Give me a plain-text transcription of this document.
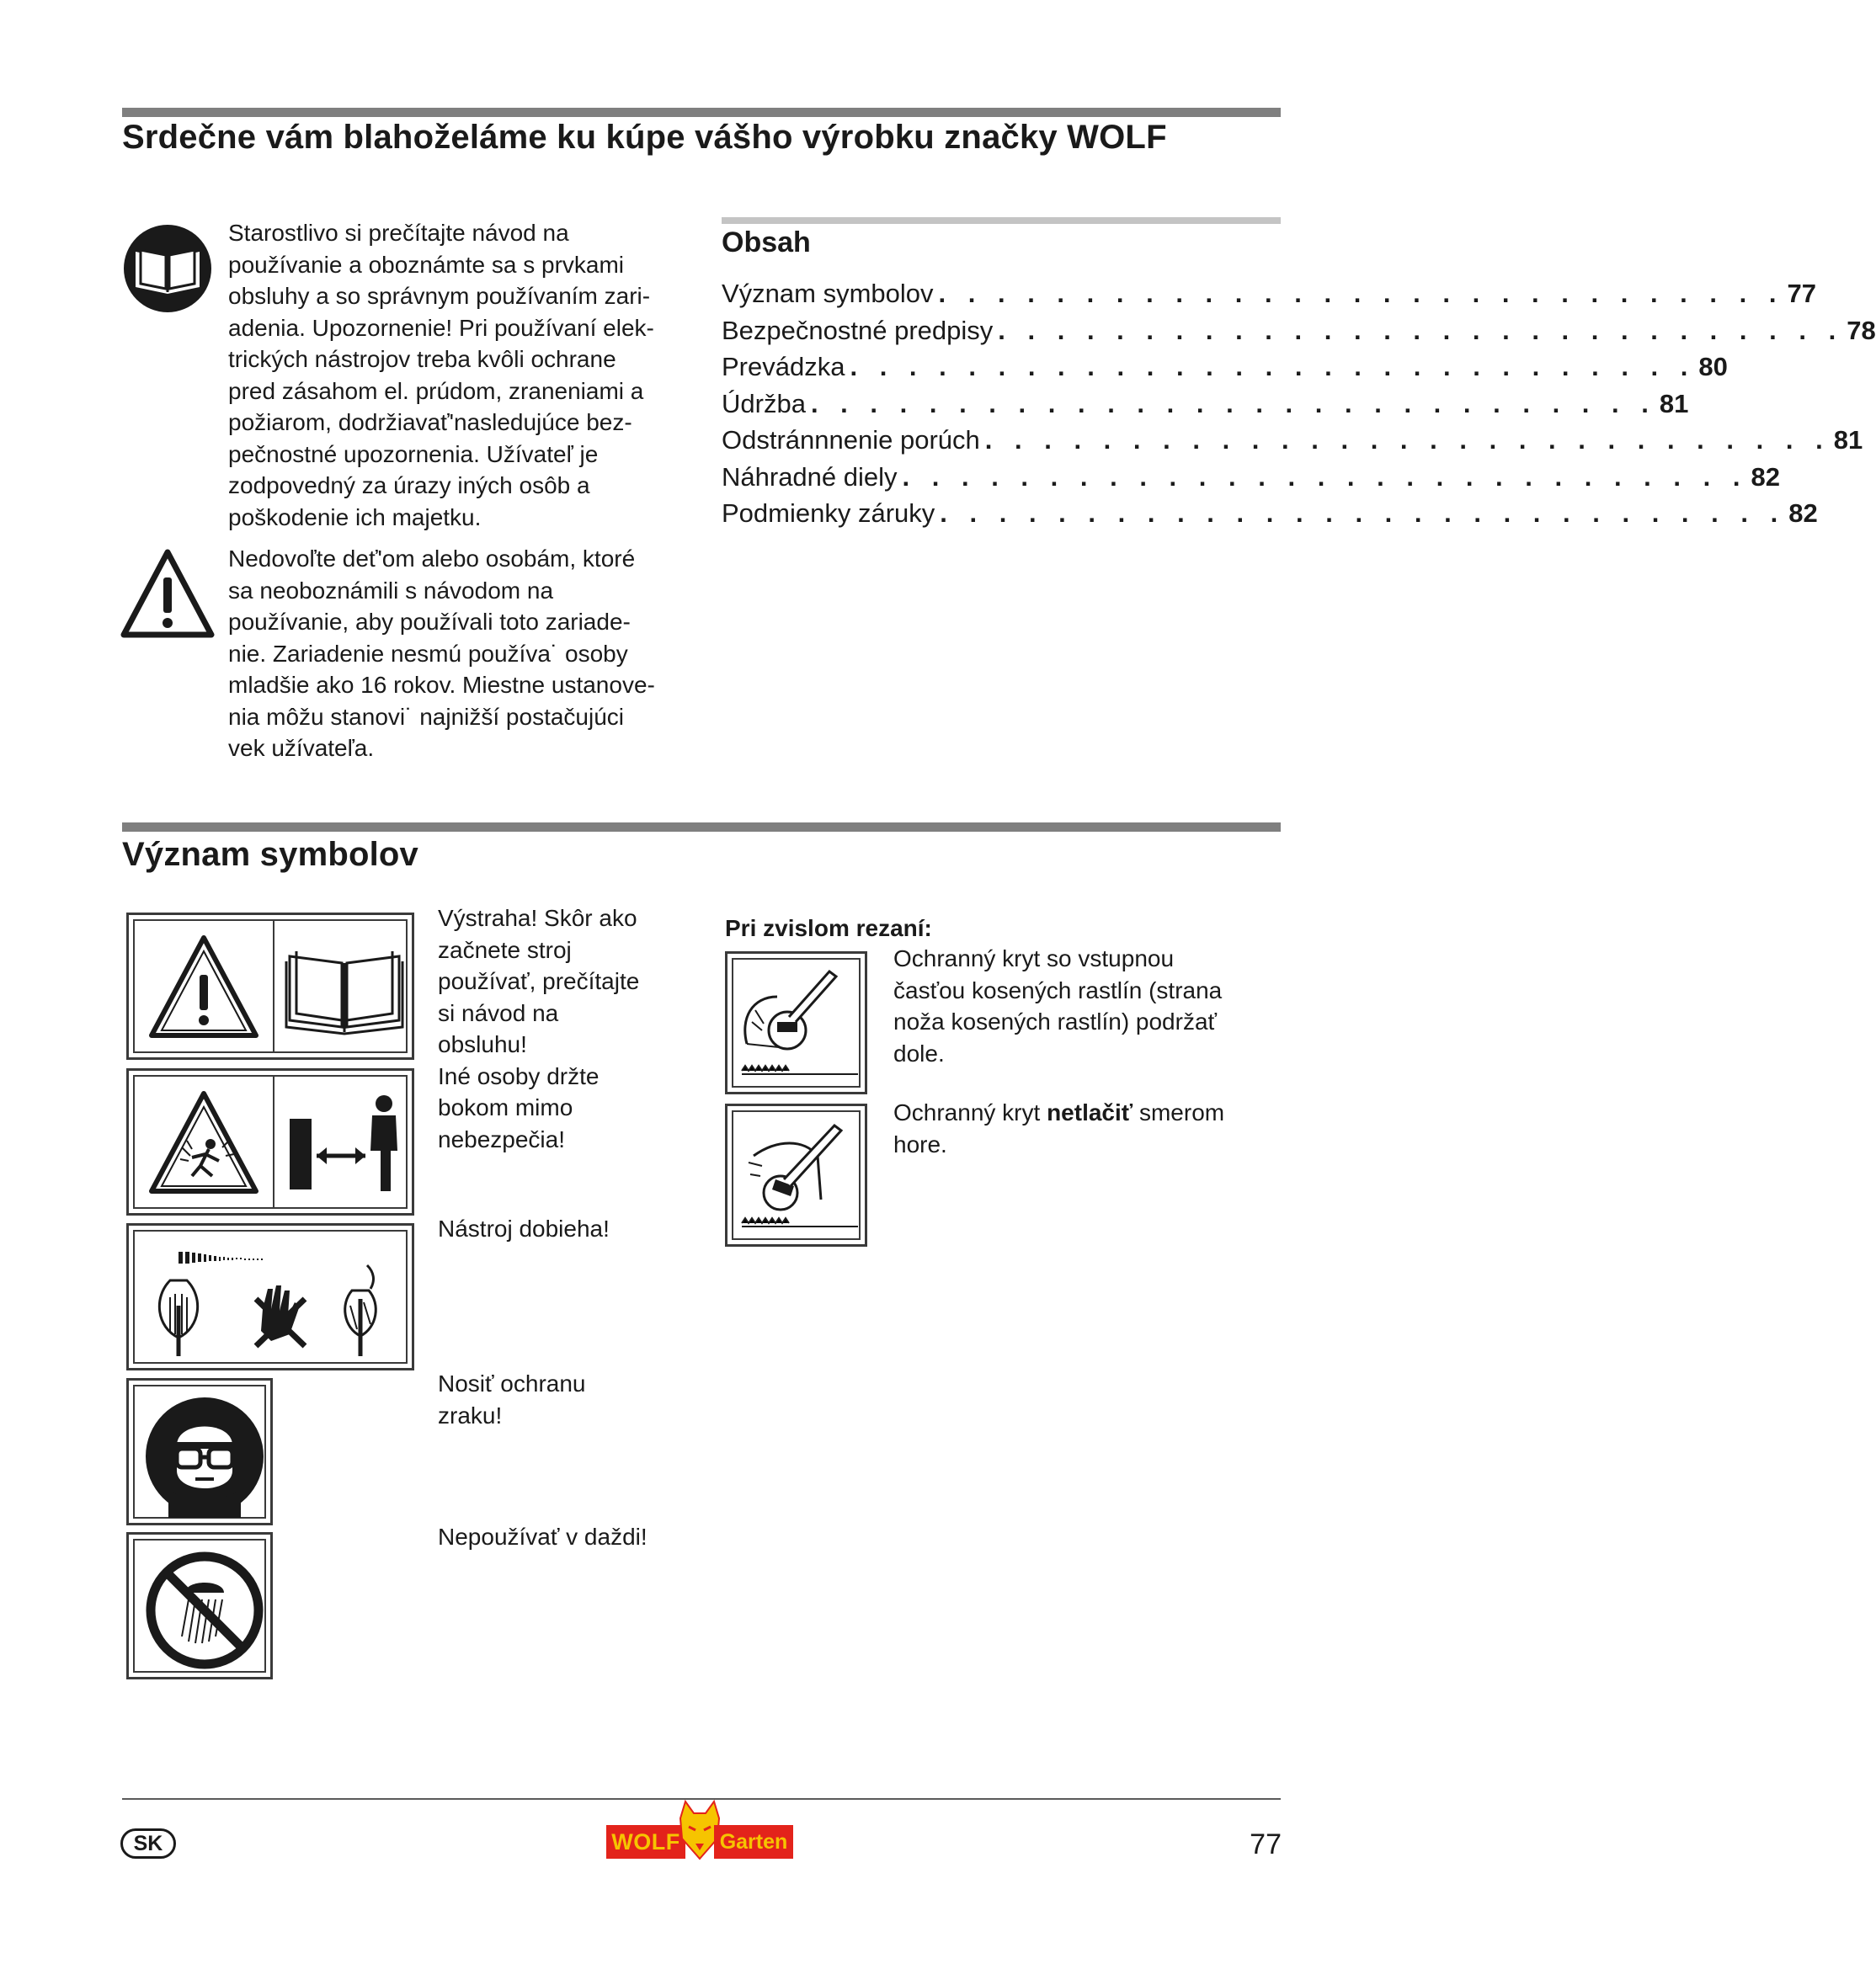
Srdečne vám blahoželáme ku kúpe vášho výrobku značky WOLF
Starostlivo si prečítajte návod na
používanie a oboznámte sa s prvkami
obsluhy a so správnym používaním zari-
adenia. Upozornenie! Pri používaní elek-
trických nástrojov treba kvôli ochrane
pred zásahom el. prúdom, zraneniami a
požiarom, dodržiavať'nasledujúce bez-
pečnostné upozornenia. Užívateľ je
zodpovedný za úrazy iných osôb a
poškodenie ich majetku.
Nedovoľte deť'om alebo osobám, ktoré
sa neoboznámili s návodom na
používanie, aby používali toto zariade-
nie. Zariadenie nesmú používa˙ osoby
mladšie ako 16 rokov. Miestne ustanove-
nia môžu stanovi˙ najnižší postačujúci
vek užívateľa.
Obsah
Význam symbolov . . . . . . . . . . . . . . . . . . . . . . . . . . . . . 77
Bezpečnostné predpisy . . . . . . . . . . . . . . . . . . . . . . . . . . . . . 78
Prevádzka . . . . . . . . . . . . . . . . . . . . . . . . . . . . . 80
Údržba . . . . . . . . . . . . . . . . . . . . . . . . . . . . . 81
Odstránnnenie porúch . . . . . . . . . . . . . . . . . . . . . . . . . . . . . 81
Náhradné diely . . . . . . . . . . . . . . . . . . . . . . . . . . . . . 82
Podmienky záruky . . . . . . . . . . . . . . . . . . . . . . . . . . . . . 82
Význam symbolov
Výstraha! Skôr ako
začnete stroj
používať, prečítajte
si návod na
obsluhu!
Iné osoby držte
bokom mimo
nebezpečia!
Nástroj dobieha!
Nosiť ochranu
zraku!
Nepoužívať v daždi!
Pri zvislom rezaní:
Ochranný kryt so vstupnou
časťou kosených rastlín (strana
noža kosených rastlín) podržať
dole.
Ochranný kryt netlačiť smerom
hore.
SK	WOLF Garten	77
